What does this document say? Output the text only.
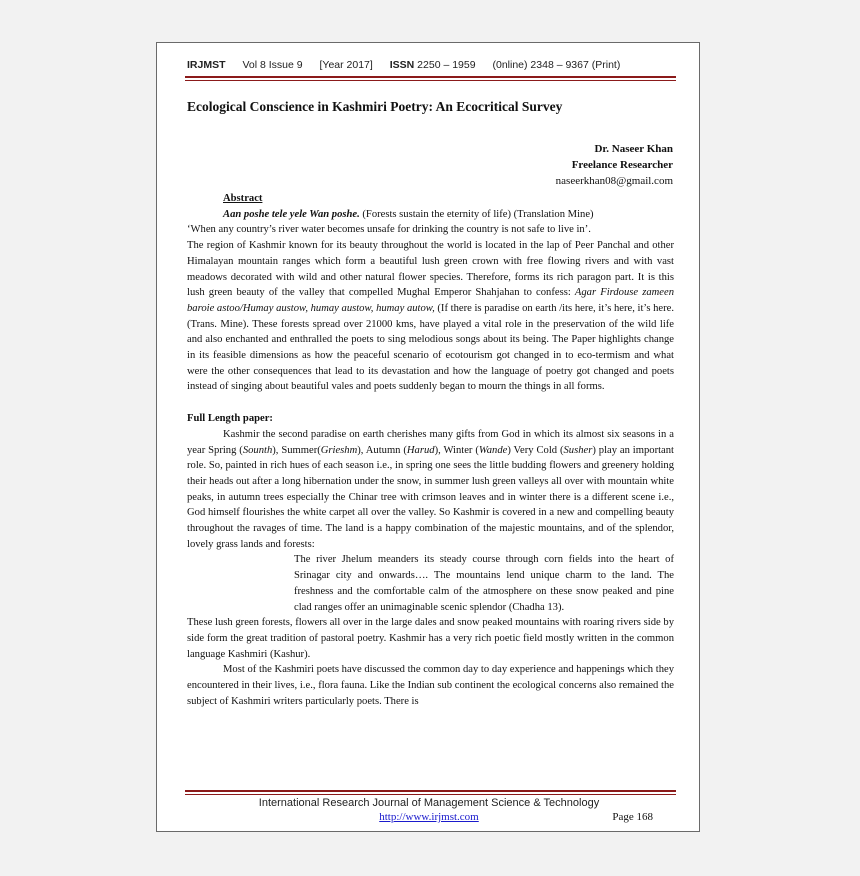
IRJMST Vol 8 Issue 9 [Year 2017] ISSN 2250 – 1959 (0nline) 2348 – 9367 (Print)
Ecological Conscience in Kashmiri Poetry: An Ecocritical Survey
Dr. Naseer Khan
Freelance Researcher
naseerkhan08@gmail.com

Abstract

Aan poshe tele yele Wan poshe. (Forests sustain the eternity of life) (Translation Mine)

‘When any country’s river water becomes unsafe for drinking the country is not safe to live in’.

The region of Kashmir known for its beauty throughout the world is located in the lap of Peer Panchal and other Himalayan mountain ranges which form a beautiful lush green crown with free flowing rivers and with vast meadows decorated with wild and other natural flower species. Therefore, forms its rich paragon part. It is this lush green beauty of the valley that compelled Mughal Emperor Shahjahan to confess: Agar Firdouse zameen baroie astoo/Humay austow, humay austow, humay autow, (If there is paradise on earth /its here, it’s here, it’s here. (Trans. Mine). These forests spread over 21000 kms, have played a vital role in the preservation of the wild life and also enchanted and enthralled the poets to sing melodious songs about its being. The Paper highlights change in its feasible dimensions as how the peaceful scenario of ecotourism got changed in to eco-termism and what were the other consequences that lead to its devastation and how the language of poetry got changed and poets instead of singing about beautiful vales and poets suddenly began to mourn the things in all forms.

Full Length paper:

Kashmir the second paradise on earth cherishes many gifts from God in which its almost six seasons in a year Spring (Sounth), Summer(Grieshm), Autumn (Harud), Winter (Wande) Very Cold (Susher) play an important role. So, painted in rich hues of each season i.e., in spring one sees the little budding flowers and greenery holding their heads out after a long hibernation under the snow, in summer lush green valleys all over with mountain white peaks, in autumn trees especially the Chinar tree with crimson leaves and in winter there is a different scene i.e., God himself flourishes the white carpet all over the valley. So Kashmir is covered in a new and compelling beauty throughout the ravages of time. The land is a happy combination of the majestic mountains, and of the splendor, lovely grass lands and forests:

The river Jhelum meanders its steady course through corn fields into the heart of Srinagar city and onwards…. The mountains lend unique charm to the land. The freshness and the comfortable calm of the atmosphere on these snow peaked and pine clad ranges offer an unimaginable scenic splendor (Chadha 13).

These lush green forests, flowers all over in the large dales and snow peaked mountains with roaring rivers side by side form the great tradition of pastoral poetry. Kashmir has a very rich poetic field mostly written in the common language Kashmiri (Kashur).

Most of the Kashmiri poets have discussed the common day to day experience and happenings which they encountered in their lives, i.e., flora fauna. Like the Indian sub continent the ecological concerns also remained the subject of Kashmiri writers particularly poets. There is

International Research Journal of Management Science & Technology
http://www.irjmst.com	Page 168
